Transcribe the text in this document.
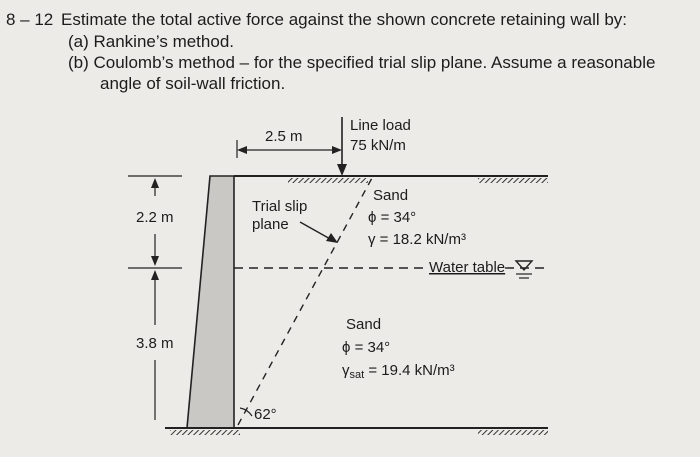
8 – 12 Estimate the total active force against the shown concrete retaining wall by:
(a) Rankine’s method.
(b) Coulomb’s method – for the specified trial slip plane. Assume a reasonable
angle of soil-wall friction.
2.5 m
Line load
75 kN/m
2.2 m
3.8 m
Water table
Trial slip
plane
Sand
ϕ = 34°
γ = 18.2 kN/m³
Sand
ϕ = 34°
$\gamma_{sat} = 19.4$ kN/m³
62°
